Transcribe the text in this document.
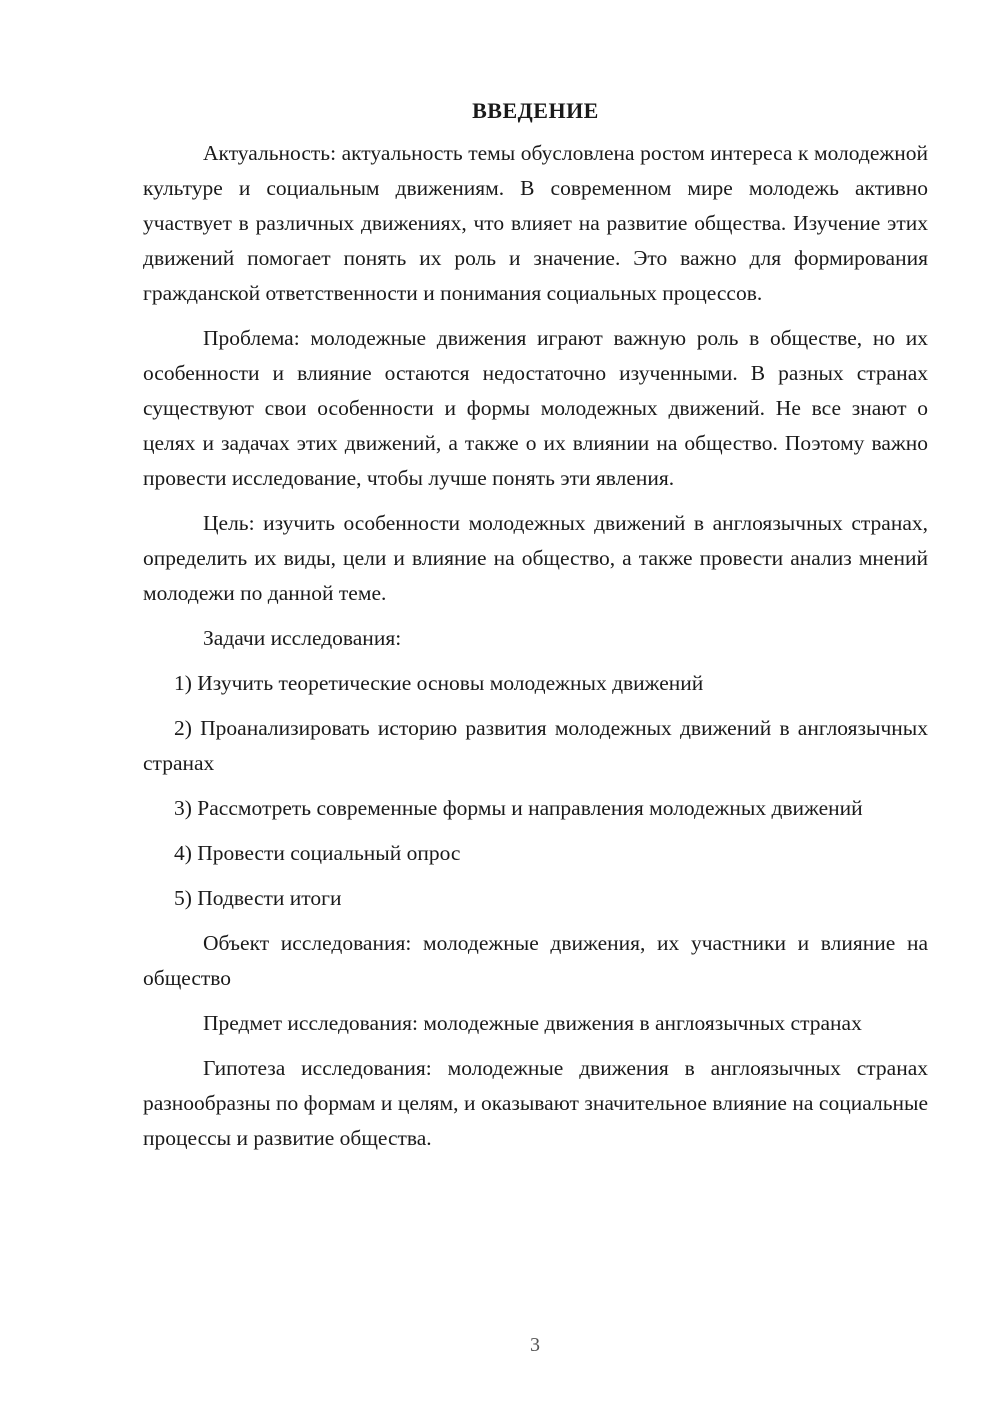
ВВЕДЕНИЕ

Актуальность: актуальность темы обусловлена ростом интереса к молодежной культуре и социальным движениям. В современном мире молодежь активно участвует в различных движениях, что влияет на развитие общества. Изучение этих движений помогает понять их роль и значение. Это важно для формирования гражданской ответственности и понимания социальных процессов.

Проблема: молодежные движения играют важную роль в обществе, но их особенности и влияние остаются недостаточно изученными. В разных странах существуют свои особенности и формы молодежных движений. Не все знают о целях и задачах этих движений, а также о их влиянии на общество. Поэтому важно провести исследование, чтобы лучше понять эти явления.

Цель: изучить особенности молодежных движений в англоязычных странах, определить их виды, цели и влияние на общество, а также провести анализ мнений молодежи по данной теме.

Задачи исследования:

1) Изучить теоретические основы молодежных движений

2) Проанализировать историю развития молодежных движений в англоязычных странах

3) Рассмотреть современные формы и направления молодежных движений

4) Провести социальный опрос

5) Подвести итоги

Объект исследования: молодежные движения, их участники и влияние на общество

Предмет исследования: молодежные движения в англоязычных странах

Гипотеза исследования: молодежные движения в англоязычных странах разнообразны по формам и целям, и оказывают значительное влияние на социальные процессы и развитие общества.

3
